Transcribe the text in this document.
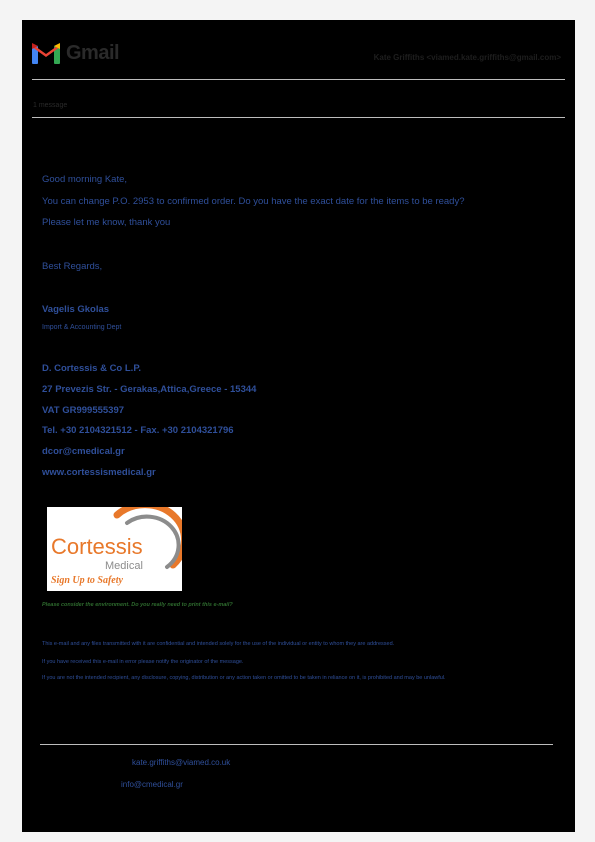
Gmail	Kate Griffiths <viamed.kate.griffiths@gmail.com>
1 message
Good morning Kate,
You can change P.O. 2953 to confirmed order. Do you have the exact date for the items to be ready?
Please let me know, thank you
Best Regards,
Vagelis Gkolas
Import & Accounting Dept
D. Cortessis & Co L.P.
27 Prevezis Str. - Gerakas,Attica,Greece - 15344
VAT GR999555397
Tel. +30 2104321512 - Fax. +30 2104321796
dcor@cmedical.gr
www.cortessismedical.gr
Cortessis
Medical
Sign Up to Safety
Please consider the environment. Do you really need to print this e-mail?
This e-mail and any files transmitted with it are confidential and intended solely for the use of the individual or entity to whom they are addressed.
If you have received this e-mail in error please notify the originator of the message.
If you are not the intended recipient, any disclosure, copying, distribution or any action taken or omitted to be taken in reliance on it, is prohibited and may be unlawful.
kate.griffiths@viamed.co.uk
info@cmedical.gr
